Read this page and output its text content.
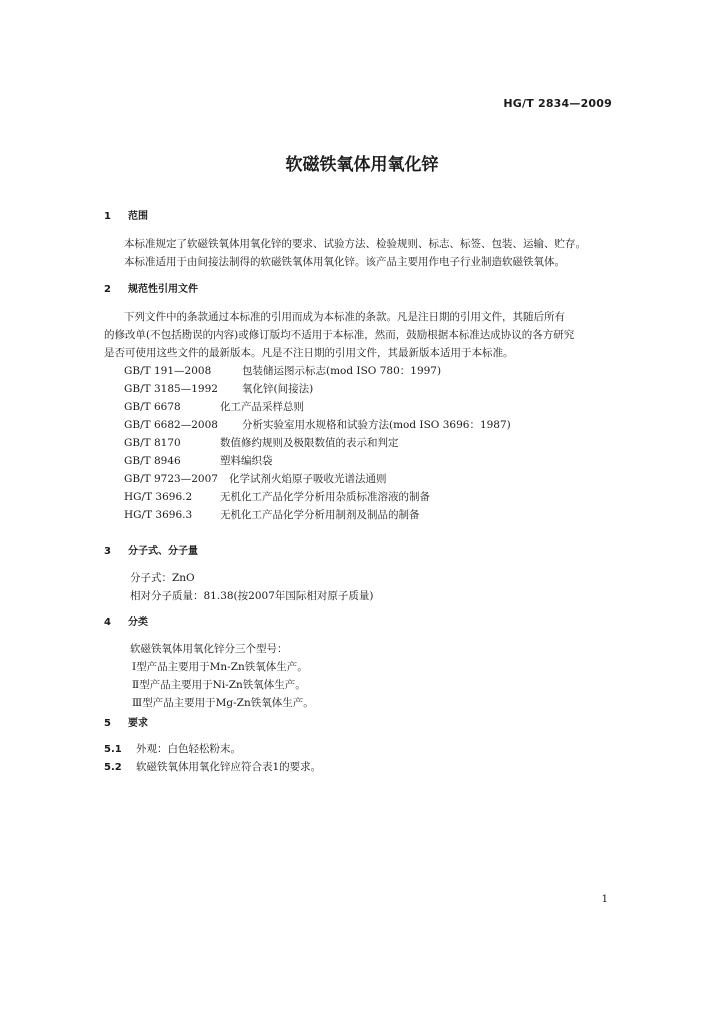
HG/T 2834—2009
软磁铁氧体用氧化锌
1 范围
本标准规定了软磁铁氧体用氧化锌的要求、试验方法、检验规则、标志、标签、包装、运输、贮存。
本标准适用于由间接法制得的软磁铁氧体用氧化锌。该产品主要用作电子行业制造软磁铁氧体。
2 规范性引用文件
下列文件中的条款通过本标准的引用而成为本标准的条款。凡是注日期的引用文件，其随后所有
的修改单(不包括勘误的内容)或修订版均不适用于本标准，然而，鼓励根据本标准达成协议的各方研究
是否可使用这些文件的最新版本。凡是不注日期的引用文件，其最新版本适用于本标准。
GB/T 191—2008	包装储运图示标志(mod ISO 780：1997)
GB/T 3185—1992 氧化锌(间接法)
GB/T 6678	化工产品采样总则
GB/T 6682—2008 分析实验室用水规格和试验方法(mod ISO 3696：1987)
GB/T 8170	数值修约规则及极限数值的表示和判定
GB/T 8946	塑料编织袋
GB/T 9723—2007 化学试剂火焰原子吸收光谱法通则
HG/T 3696.2	无机化工产品化学分析用杂质标准溶液的制备
HG/T 3696.3	无机化工产品化学分析用制剂及制品的制备
3 分子式、分子量
分子式：ZnO
相对分子质量：81.38(按2007年国际相对原子质量)
4 分类
软磁铁氧体用氧化锌分三个型号：
Ⅰ型产品主要用于Mn-Zn铁氧体生产。
Ⅱ型产品主要用于Ni-Zn铁氧体生产。
Ⅲ型产品主要用于Mg-Zn铁氧体生产。
5 要求
5.1 外观：白色轻松粉末。
5.2 软磁铁氧体用氧化锌应符合表1的要求。
1
